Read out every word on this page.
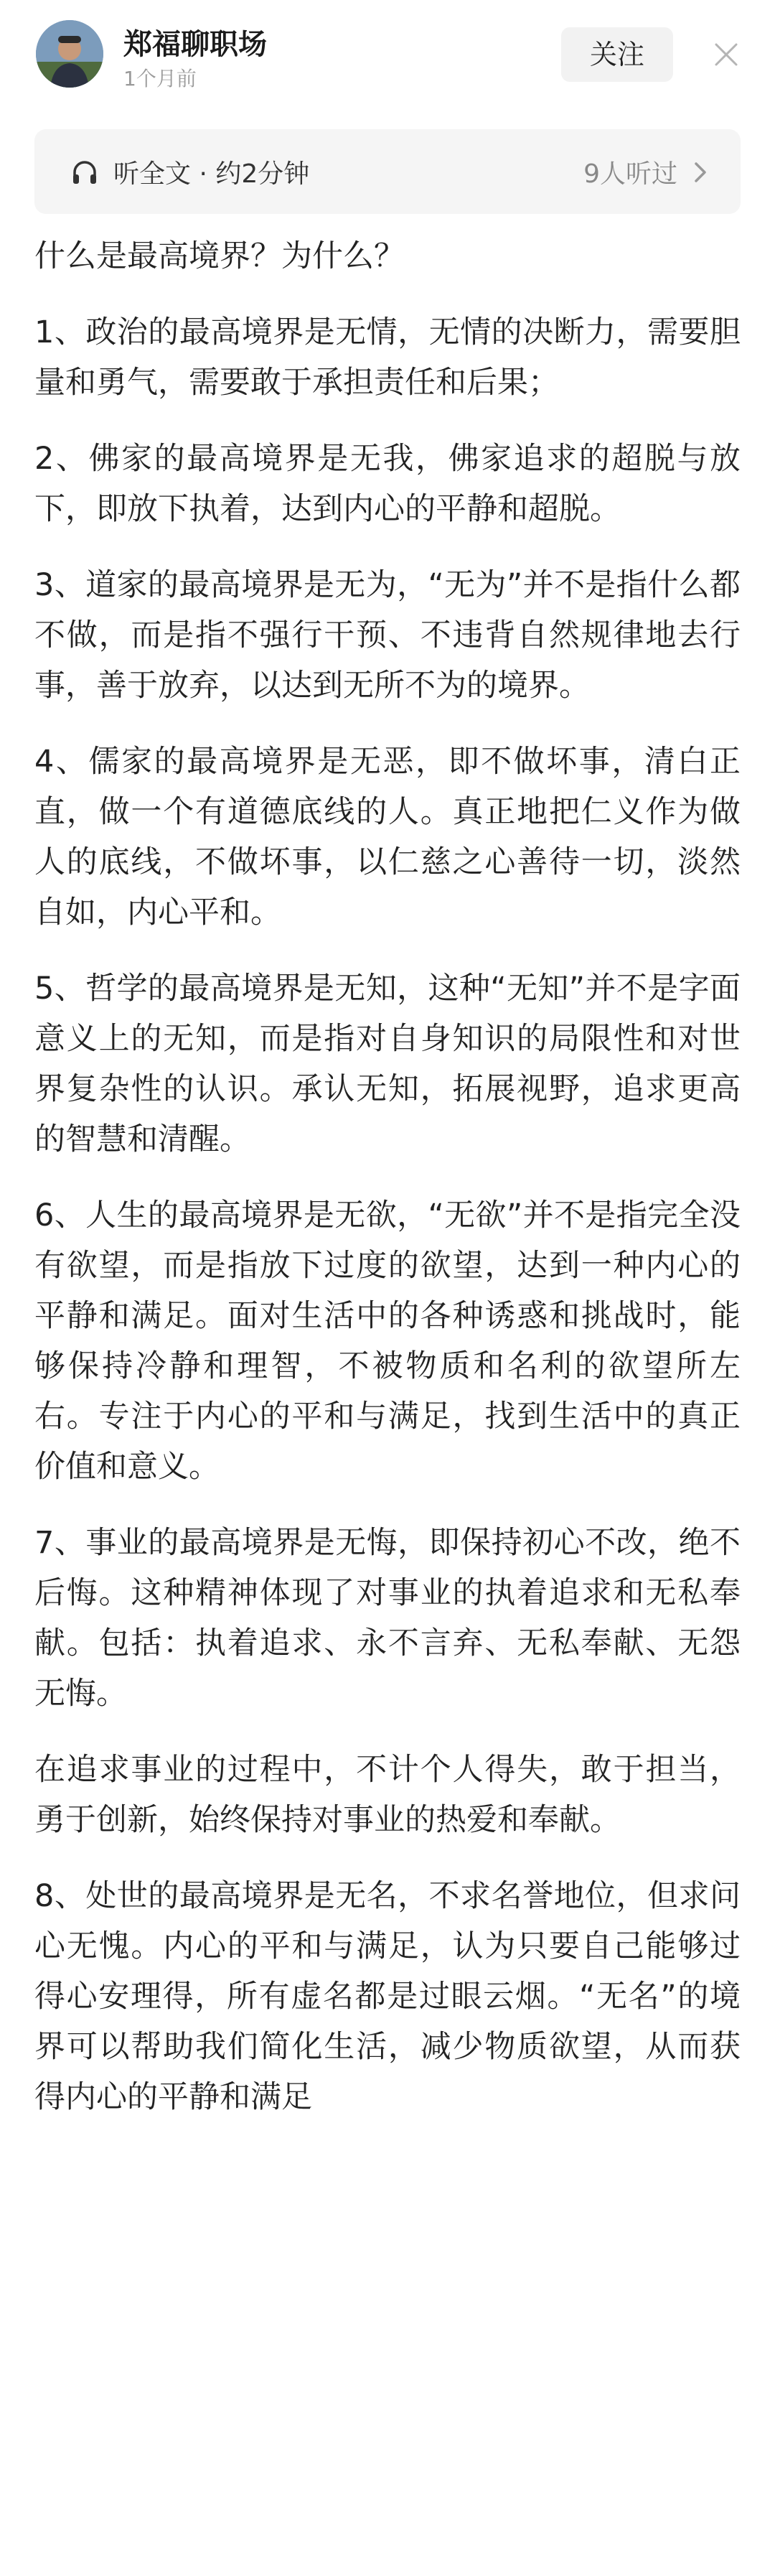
郑福聊职场
1个月前
关注
听全文 · 约2分钟	9人听过

什么是最高境界？为什么？

1、政治的最高境界是无情，无情的决断力，需要胆量和勇气，需要敢于承担责任和后果；

2、佛家的最高境界是无我，佛家追求的超脱与放下，即放下执着，达到内心的平静和超脱。

3、道家的最高境界是无为，“无为”并不是指什么都不做，而是指不强行干预、不违背自然规律地去行事，善于放弃，以达到无所不为的境界。

4、儒家的最高境界是无恶，即不做坏事，清白正直，做一个有道德底线的人。真正地把仁义作为做人的底线，不做坏事，以仁慈之心善待一切，淡然自如，内心平和。

5、哲学的最高境界是无知，这种“无知”并不是字面意义上的无知，而是指对自身知识的局限性和对世界复杂性的认识。承认无知，拓展视野，追求更高的智慧和清醒。

6、人生的最高境界是无欲，“无欲”并不是指完全没有欲望，而是指放下过度的欲望，达到一种内心的平静和满足。面对生活中的各种诱惑和挑战时，能够保持冷静和理智，不被物质和名利的欲望所左右。专注于内心的平和与满足，找到生活中的真正价值和意义。

7、事业的最高境界是无悔，即保持初心不改，绝不后悔。这种精神体现了对事业的执着追求和无私奉献。包括：执着追求、永不言弃、无私奉献、无怨无悔。

在追求事业的过程中，不计个人得失，敢于担当，勇于创新，始终保持对事业的热爱和奉献。

8、处世的最高境界是无名，不求名誉地位，但求问心无愧。内心的平和与满足，认为只要自己能够过得心安理得，所有虚名都是过眼云烟。“无名”的境界可以帮助我们简化生活，减少物质欲望，从而获得内心的平静和满足
